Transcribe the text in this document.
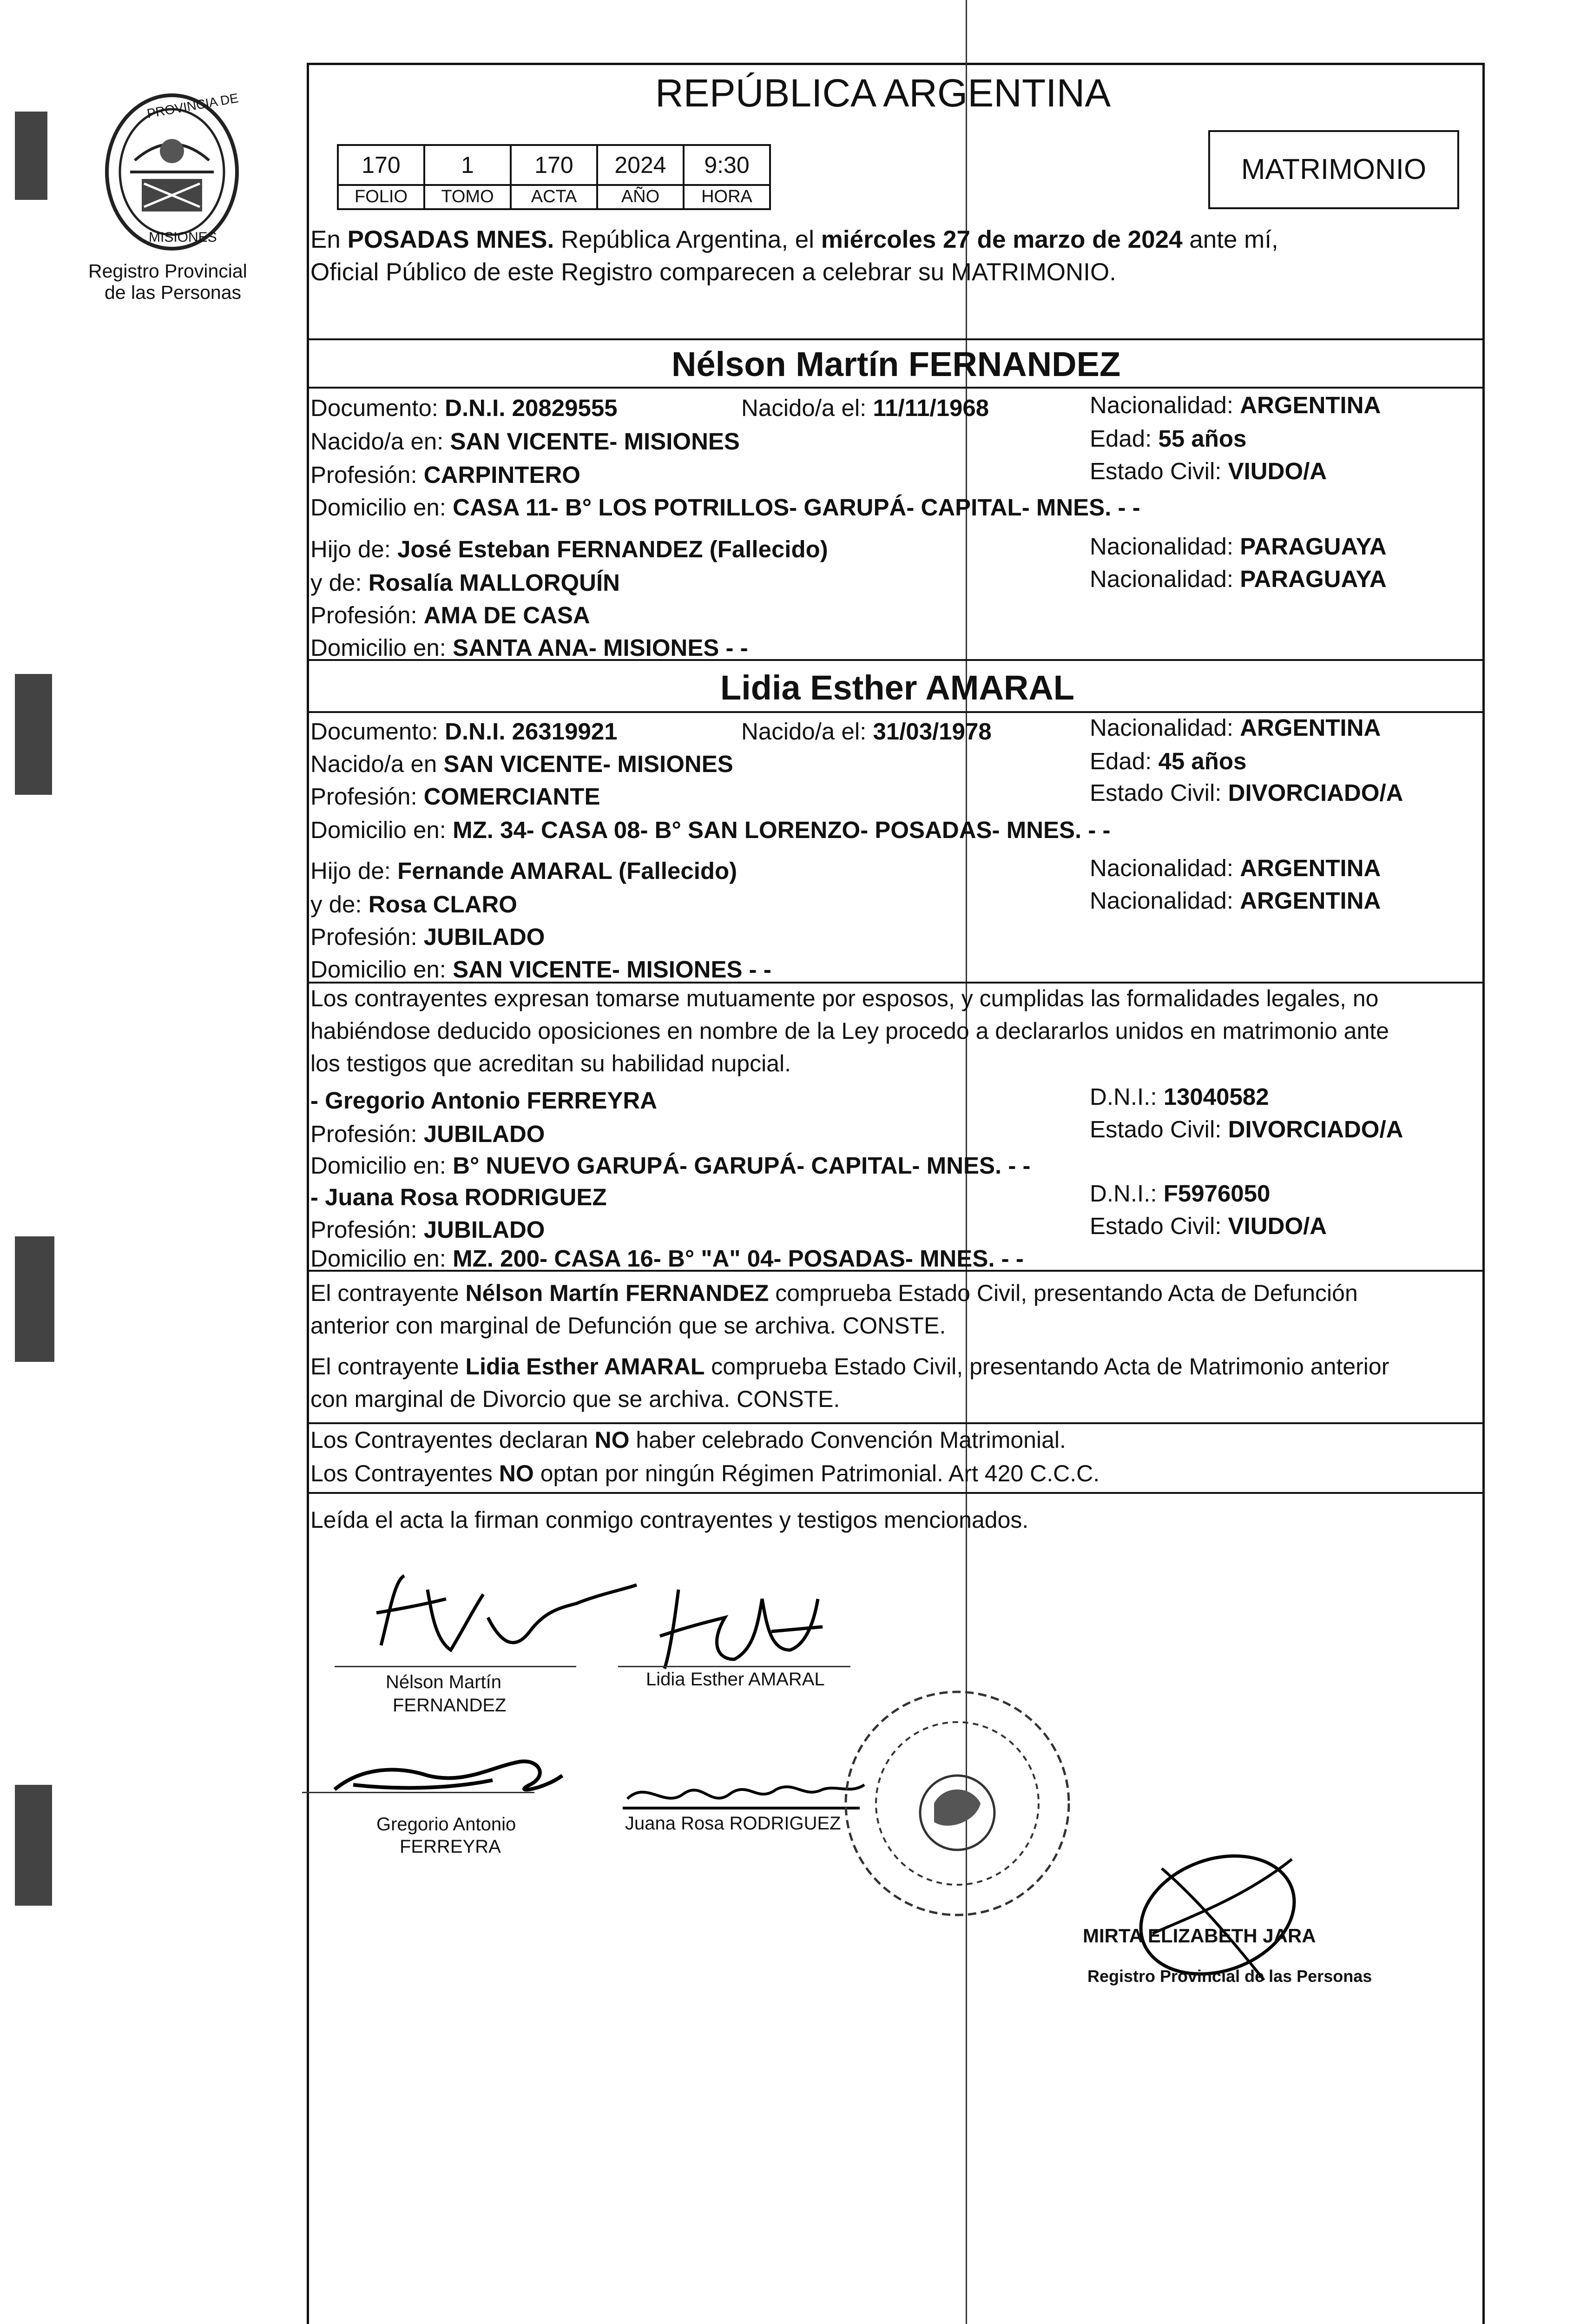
PROVINCIA DE
MISIONES
Registro Provincial
de las Personas
REPÚBLICA ARGENTINA
170	1	170	2024	9:30
FOLIO	TOMO	ACTA	AÑO	HORA
MATRIMONIO
En POSADAS MNES. República Argentina, el miércoles 27 de marzo de 2024 ante mí,
Oficial Público de este Registro comparecen a celebrar su MATRIMONIO.
Nélson Martín FERNANDEZ
Documento: D.N.I. 20829555	Nacido/a el: 11/11/1968	Nacionalidad: ARGENTINA
Nacido/a en: SAN VICENTE- MISIONES	Edad: 55 años
Profesión: CARPINTERO	Estado Civil: VIUDO/A
Domicilio en: CASA 11- B° LOS POTRILLOS- GARUPÁ- CAPITAL- MNES. - -
Hijo de: José Esteban FERNANDEZ (Fallecido)	Nacionalidad: PARAGUAYA
y de: Rosalía MALLORQUÍN	Nacionalidad: PARAGUAYA
Profesión: AMA DE CASA
Domicilio en: SANTA ANA- MISIONES - -
Lidia Esther AMARAL
Documento: D.N.I. 26319921	Nacido/a el: 31/03/1978	Nacionalidad: ARGENTINA
Nacido/a en SAN VICENTE- MISIONES	Edad: 45 años
Profesión: COMERCIANTE	Estado Civil: DIVORCIADO/A
Domicilio en: MZ. 34- CASA 08- B° SAN LORENZO- POSADAS- MNES. - -
Hijo de: Fernande AMARAL (Fallecido)	Nacionalidad: ARGENTINA
y de: Rosa CLARO	Nacionalidad: ARGENTINA
Profesión: JUBILADO
Domicilio en: SAN VICENTE- MISIONES - -
Los contrayentes expresan tomarse mutuamente por esposos, y cumplidas las formalidades legales, no
habiéndose deducido oposiciones en nombre de la Ley procedo a declararlos unidos en matrimonio ante
los testigos que acreditan su habilidad nupcial.
- Gregorio Antonio FERREYRA	D.N.I.: 13040582
Profesión: JUBILADO	Estado Civil: DIVORCIADO/A
Domicilio en: B° NUEVO GARUPÁ- GARUPÁ- CAPITAL- MNES. - -
- Juana Rosa RODRIGUEZ	D.N.I.: F5976050
Profesión: JUBILADO	Estado Civil: VIUDO/A
Domicilio en: MZ. 200- CASA 16- B° "A" 04- POSADAS- MNES. - -
El contrayente Nélson Martín FERNANDEZ comprueba Estado Civil, presentando Acta de Defunción
anterior con marginal de Defunción que se archiva. CONSTE.
El contrayente Lidia Esther AMARAL comprueba Estado Civil, presentando Acta de Matrimonio anterior
con marginal de Divorcio que se archiva. CONSTE.
Los Contrayentes declaran NO haber celebrado Convención Matrimonial.
Los Contrayentes NO optan por ningún Régimen Patrimonial. Art 420 C.C.C.
Leída el acta la firman conmigo contrayentes y testigos mencionados.
Nélson Martín
FERNANDEZ
Lidia Esther AMARAL
Gregorio Antonio
FERREYRA
Juana Rosa RODRIGUEZ
MIRTA ELIZABETH JARA
Registro Provincial de las Personas
